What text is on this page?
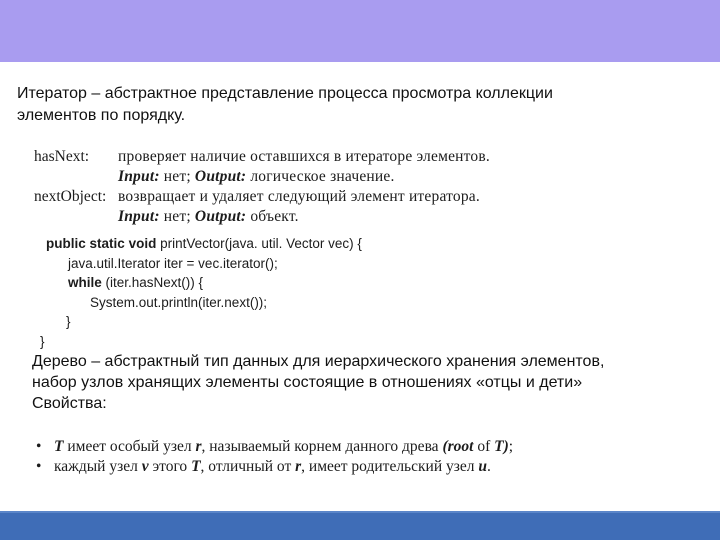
Итератор – абстрактное представление процесса просмотра коллекции
элементов по порядку.
hasNext: проверяет наличие оставшихся в итераторе элементов.
Input: нет; Output: логическое значение.
nextObject: возвращает и удаляет следующий элемент итератора.
Input: нет; Output: объект.
public static void printVector(java. util. Vector vec) {
java.util.Iterator iter = vec.iterator();
while (iter.hasNext()) {
System.out.println(iter.next());
}
}
Дерево – абстрактный тип данных для иерархического хранения элементов,
набор узлов хранящих элементы состоящие в отношениях «отцы и дети»
Свойства:
• T имеет особый узел r, называемый корнем данного древа (root of T);
• каждый узел v этого T, отличный от r, имеет родительский узел u.
